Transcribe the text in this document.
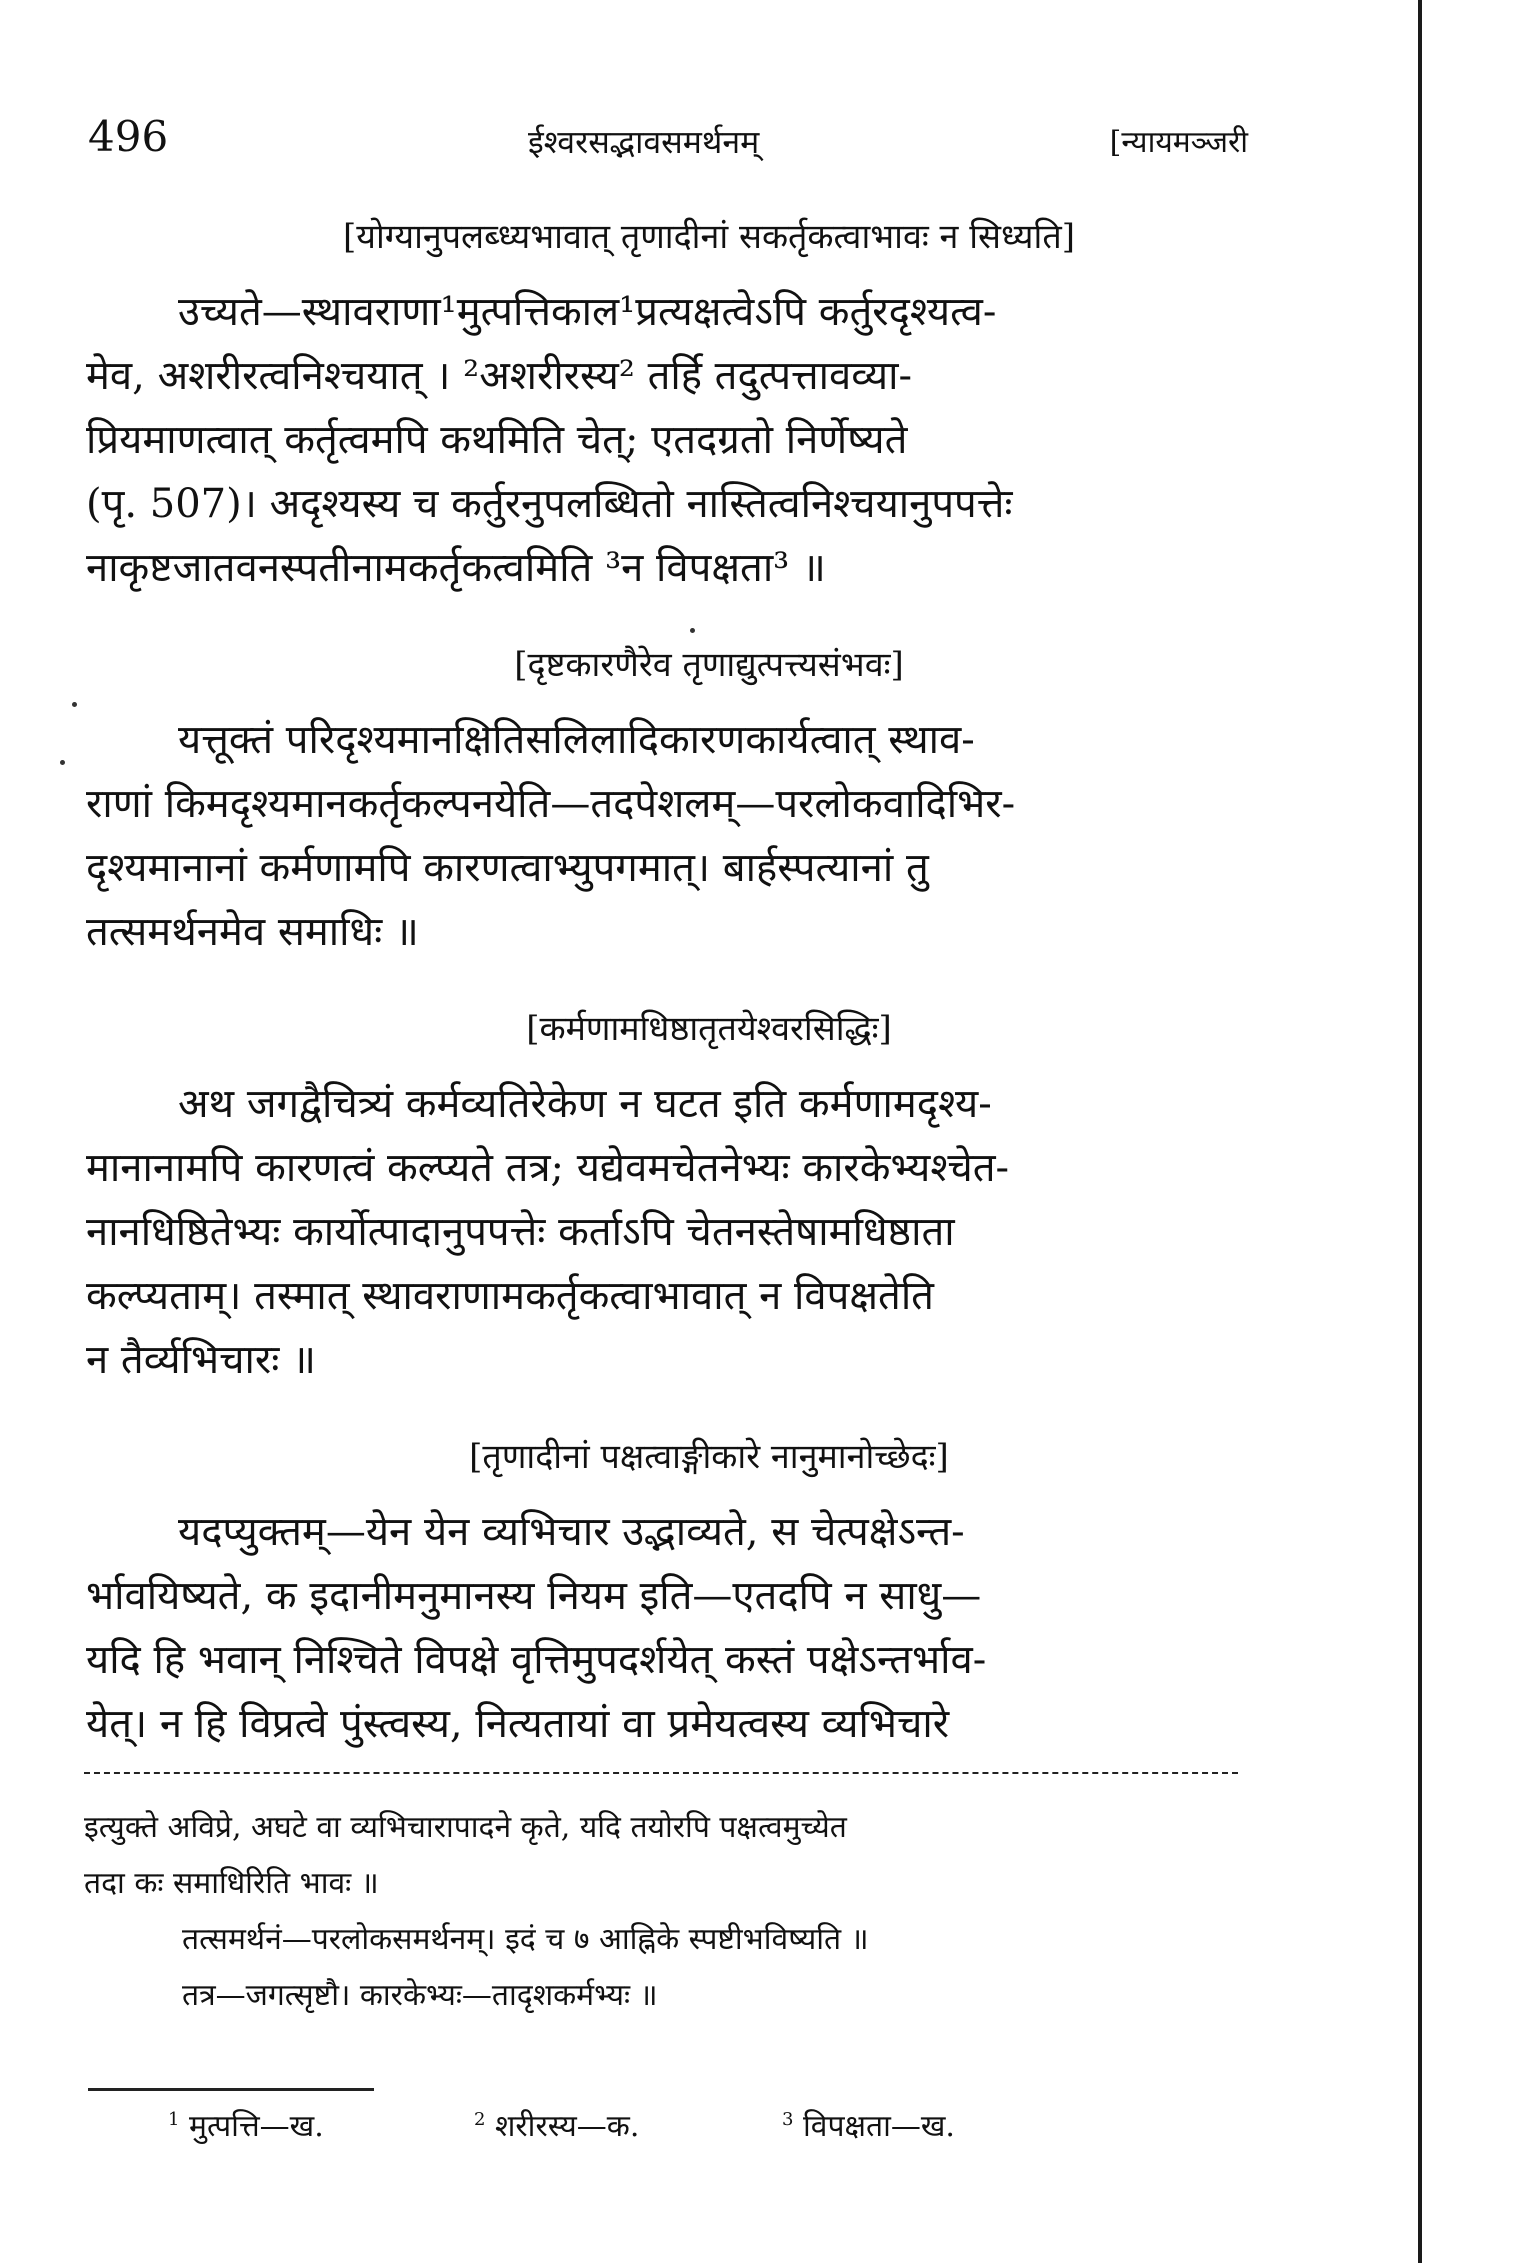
496	ईश्वरसद्भावसमर्थनम्	[न्यायमञ्जरी
[योग्यानुपलब्ध्यभावात् तृणादीनां सकर्तृकत्वाभावः न सिध्यति]
उच्यते—स्थावराणा¹मुत्पत्तिकाल¹प्रत्यक्षत्वेऽपि कर्तुरदृश्यत्व-
मेव, अशरीरत्वनिश्चयात् । ²अशरीरस्य² तर्हि तदुत्पत्तावव्या-
प्रियमाणत्वात् कर्तृत्वमपि कथमिति चेत्; एतदग्रतो निर्णेष्यते
(पृ. 507)। अदृश्यस्य च कर्तुरनुपलब्धितो नास्तित्वनिश्चयानुपपत्तेः
नाकृष्टजातवनस्पतीनामकर्तृकत्वमिति ³न विपक्षता³ ॥
[दृष्टकारणैरेव तृणाद्युत्पत्त्यसंभवः]
यत्तूक्तं परिदृश्यमानक्षितिसलिलादिकारणकार्यत्वात् स्थाव-
राणां किमदृश्यमानकर्तृकल्पनयेति—तदपेशलम्—परलोकवादिभिर-
दृश्यमानानां कर्मणामपि कारणत्वाभ्युपगमात्। बार्हस्पत्यानां तु
तत्समर्थनमेव समाधिः ॥
[कर्मणामधिष्ठातृतयेश्वरसिद्धिः]
अथ जगद्वैचित्र्यं कर्मव्यतिरेकेण न घटत इति कर्मणामदृश्य-
मानानामपि कारणत्वं कल्प्यते तत्र; यद्येवमचेतनेभ्यः कारकेभ्यश्चेत-
नानधिष्ठितेभ्यः कार्योत्पादानुपपत्तेः कर्ताऽपि चेतनस्तेषामधिष्ठाता
कल्प्यताम्। तस्मात् स्थावराणामकर्तृकत्वाभावात् न विपक्षतेति
न तैर्व्यभिचारः ॥
[तृणादीनां पक्षत्वाङ्गीकारे नानुमानोच्छेदः]
यदप्युक्तम्—येन येन व्यभिचार उद्भाव्यते, स चेत्पक्षेऽन्त-
र्भावयिष्यते, क इदानीमनुमानस्य नियम इति—एतदपि न साधु—
यदि हि भवान् निश्चिते विपक्षे वृत्तिमुपदर्शयेत् कस्तं पक्षेऽन्तर्भाव-
येत्। न हि विप्रत्वे पुंस्त्वस्य, नित्यतायां वा प्रमेयत्वस्य व्यभिचारे
इत्युक्ते अविप्रे, अघटे वा व्यभिचारापादने कृते, यदि तयोरपि पक्षत्वमुच्येत
तदा कः समाधिरिति भावः ॥
तत्समर्थनं—परलोकसमर्थनम्। इदं च ७ आह्निके स्पष्टीभविष्यति ॥
तत्र—जगत्सृष्टौ। कारकेभ्यः—तादृशकर्मभ्यः ॥
$^1$ मुत्पत्ति—ख.	$^2$ शरीरस्य—क.	$^3$ विपक्षता—ख.
